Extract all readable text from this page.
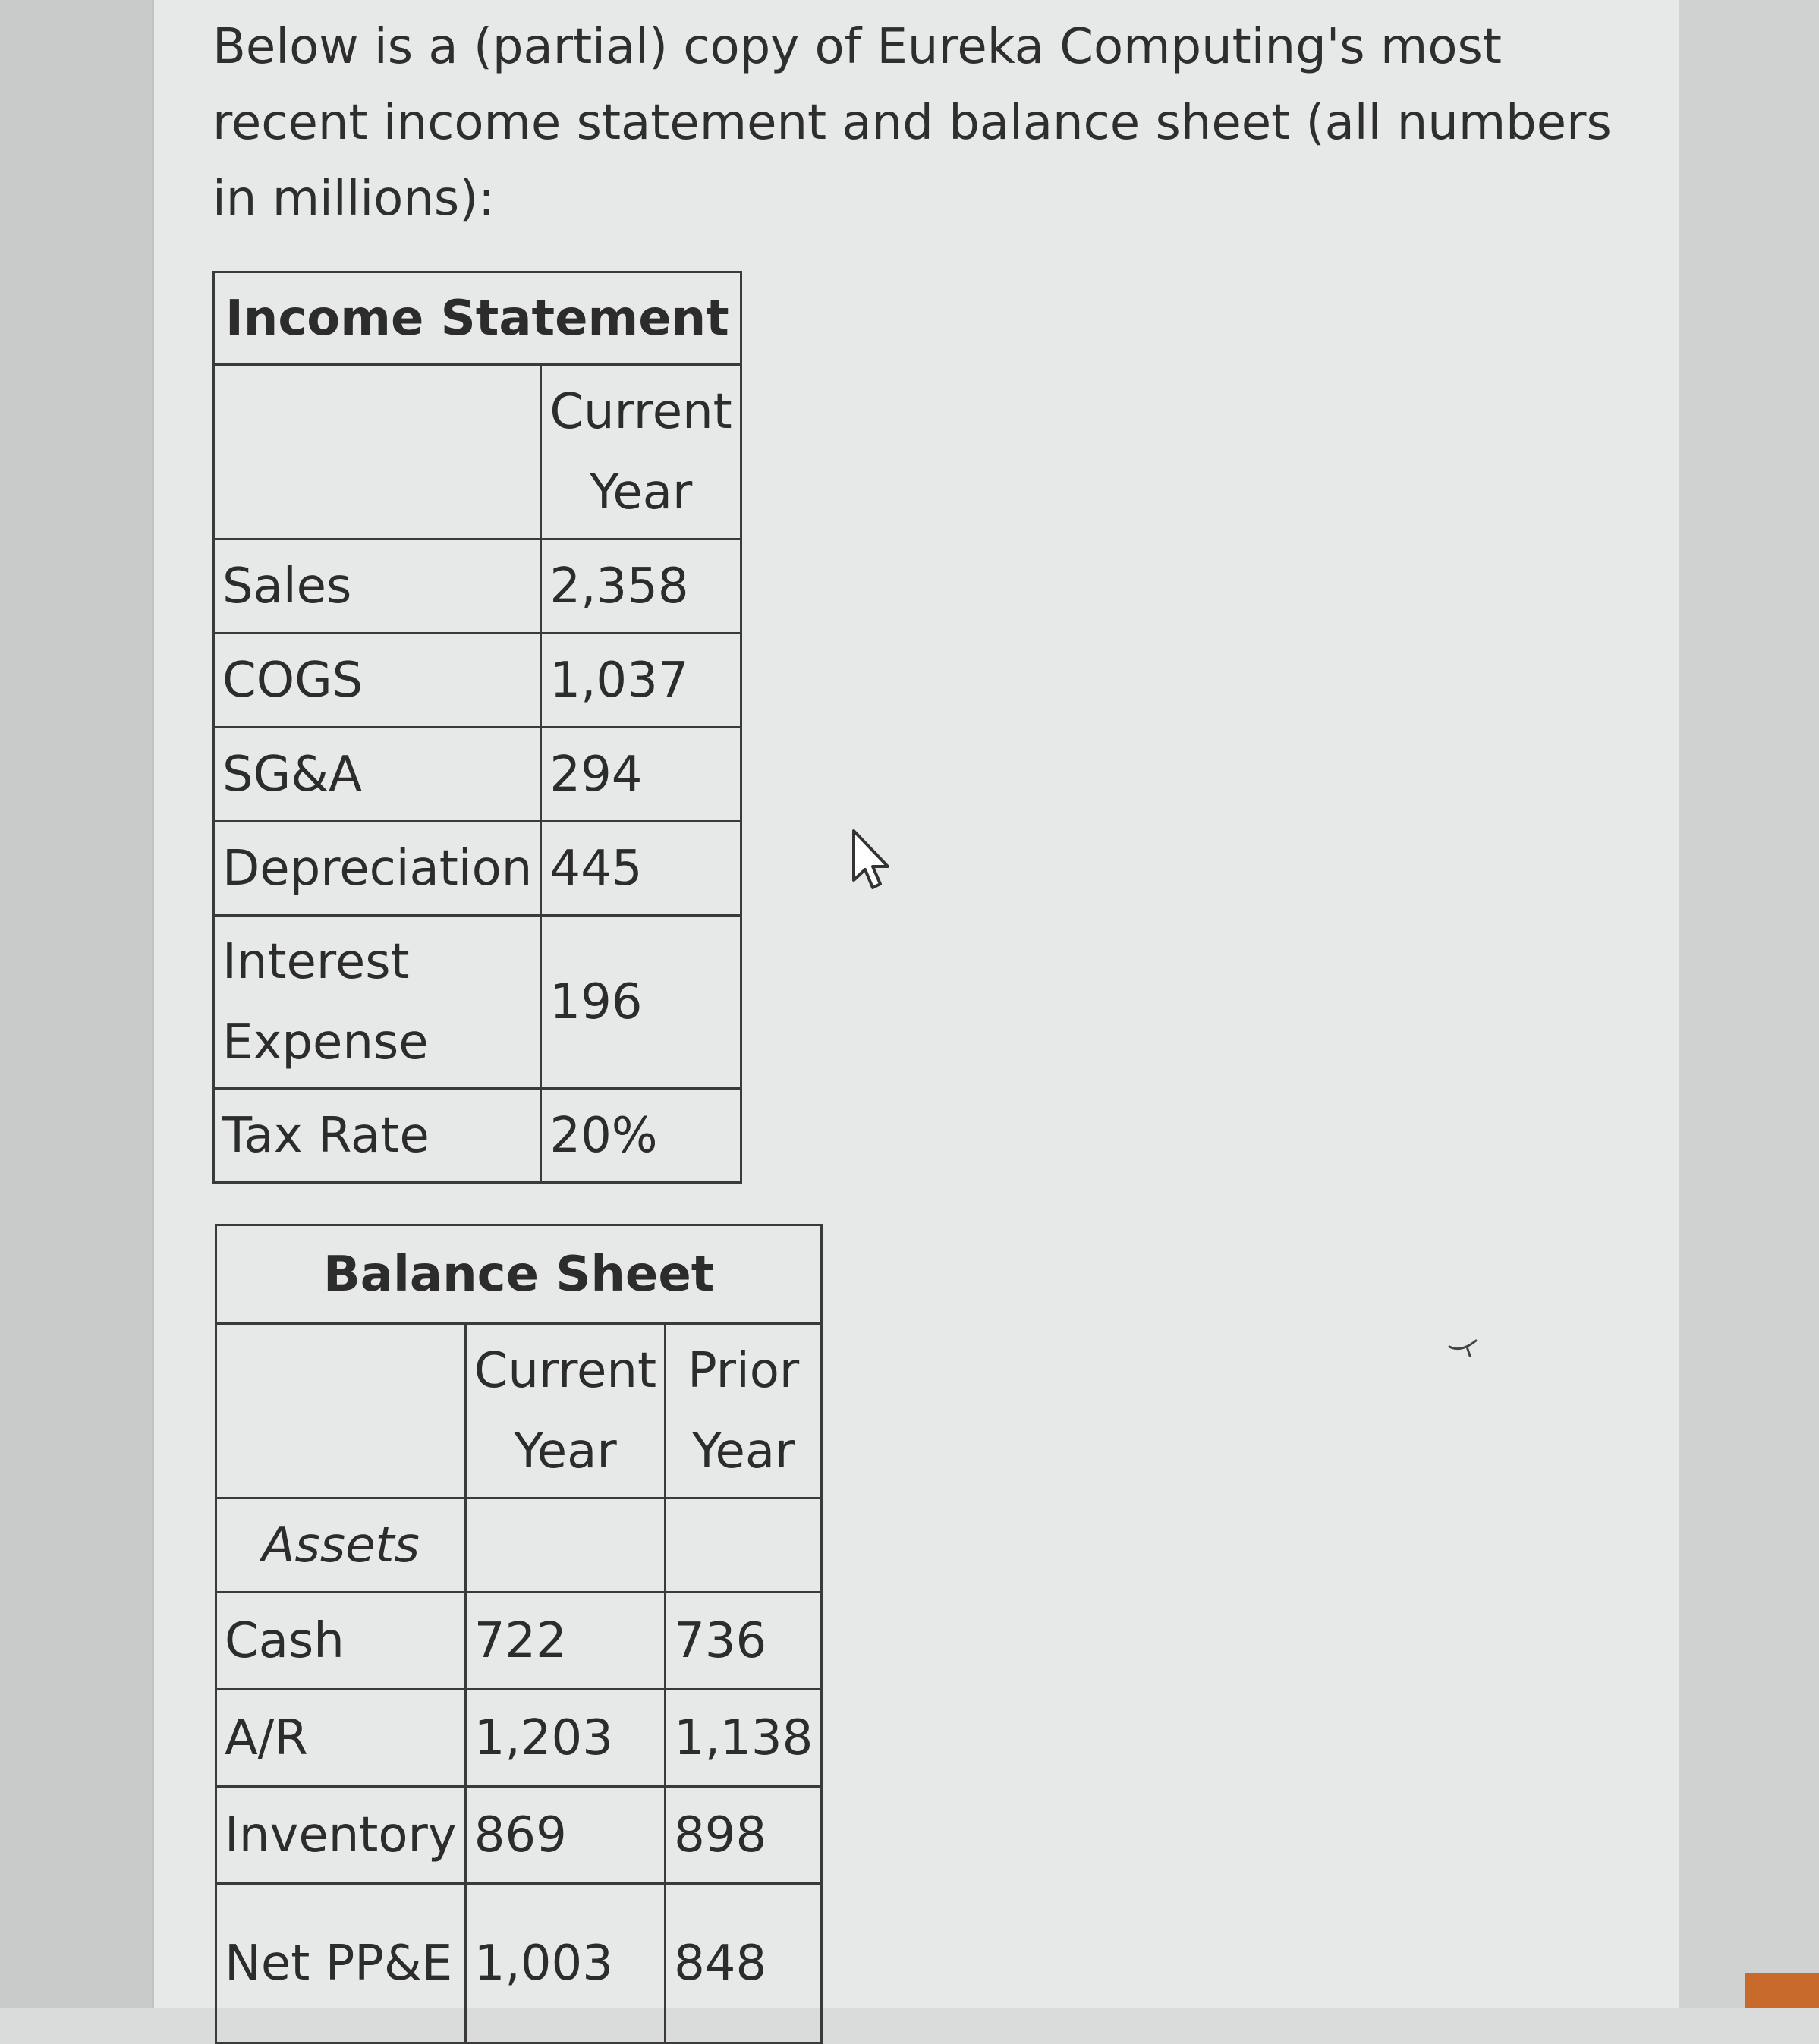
Below is a (partial) copy of Eureka Computing's most recent income statement and balance sheet (all numbers in millions):

Income Statement	
	Current Year
Sales	2,358
COGS	1,037
SG&A	294
Depreciation	445
Interest Expense	196
Tax Rate	20%
Balance Sheet		
	Current Year	Prior Year
Assets		
Cash	722	736
A/R	1,203	1,138
Inventory	869	898
Net PP&E	1,003	848
